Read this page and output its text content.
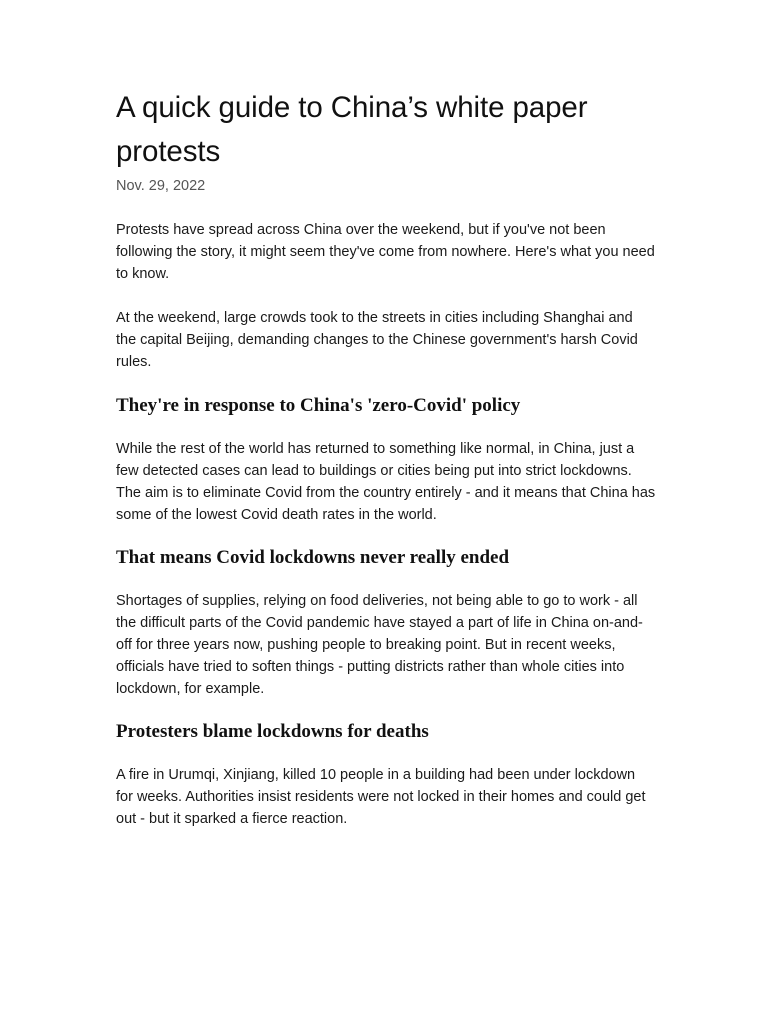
A quick guide to China’s white paper protests
Nov. 29, 2022

Protests have spread across China over the weekend, but if you've not been following the story, it might seem they've come from nowhere. Here's what you need to know.

At the weekend, large crowds took to the streets in cities including Shanghai and the capital Beijing, demanding changes to the Chinese government's harsh Covid rules.

They're in response to China's 'zero-Covid' policy

While the rest of the world has returned to something like normal, in China, just a few detected cases can lead to buildings or cities being put into strict lockdowns. The aim is to eliminate Covid from the country entirely - and it means that China has some of the lowest Covid death rates in the world.

That means Covid lockdowns never really ended

Shortages of supplies, relying on food deliveries, not being able to go to work - all the difficult parts of the Covid pandemic have stayed a part of life in China on-and-off for three years now, pushing people to breaking point. But in recent weeks, officials have tried to soften things - putting districts rather than whole cities into lockdown, for example.

Protesters blame lockdowns for deaths

A fire in Urumqi, Xinjiang, killed 10 people in a building had been under lockdown for weeks. Authorities insist residents were not locked in their homes and could get out - but it sparked a fierce reaction.
